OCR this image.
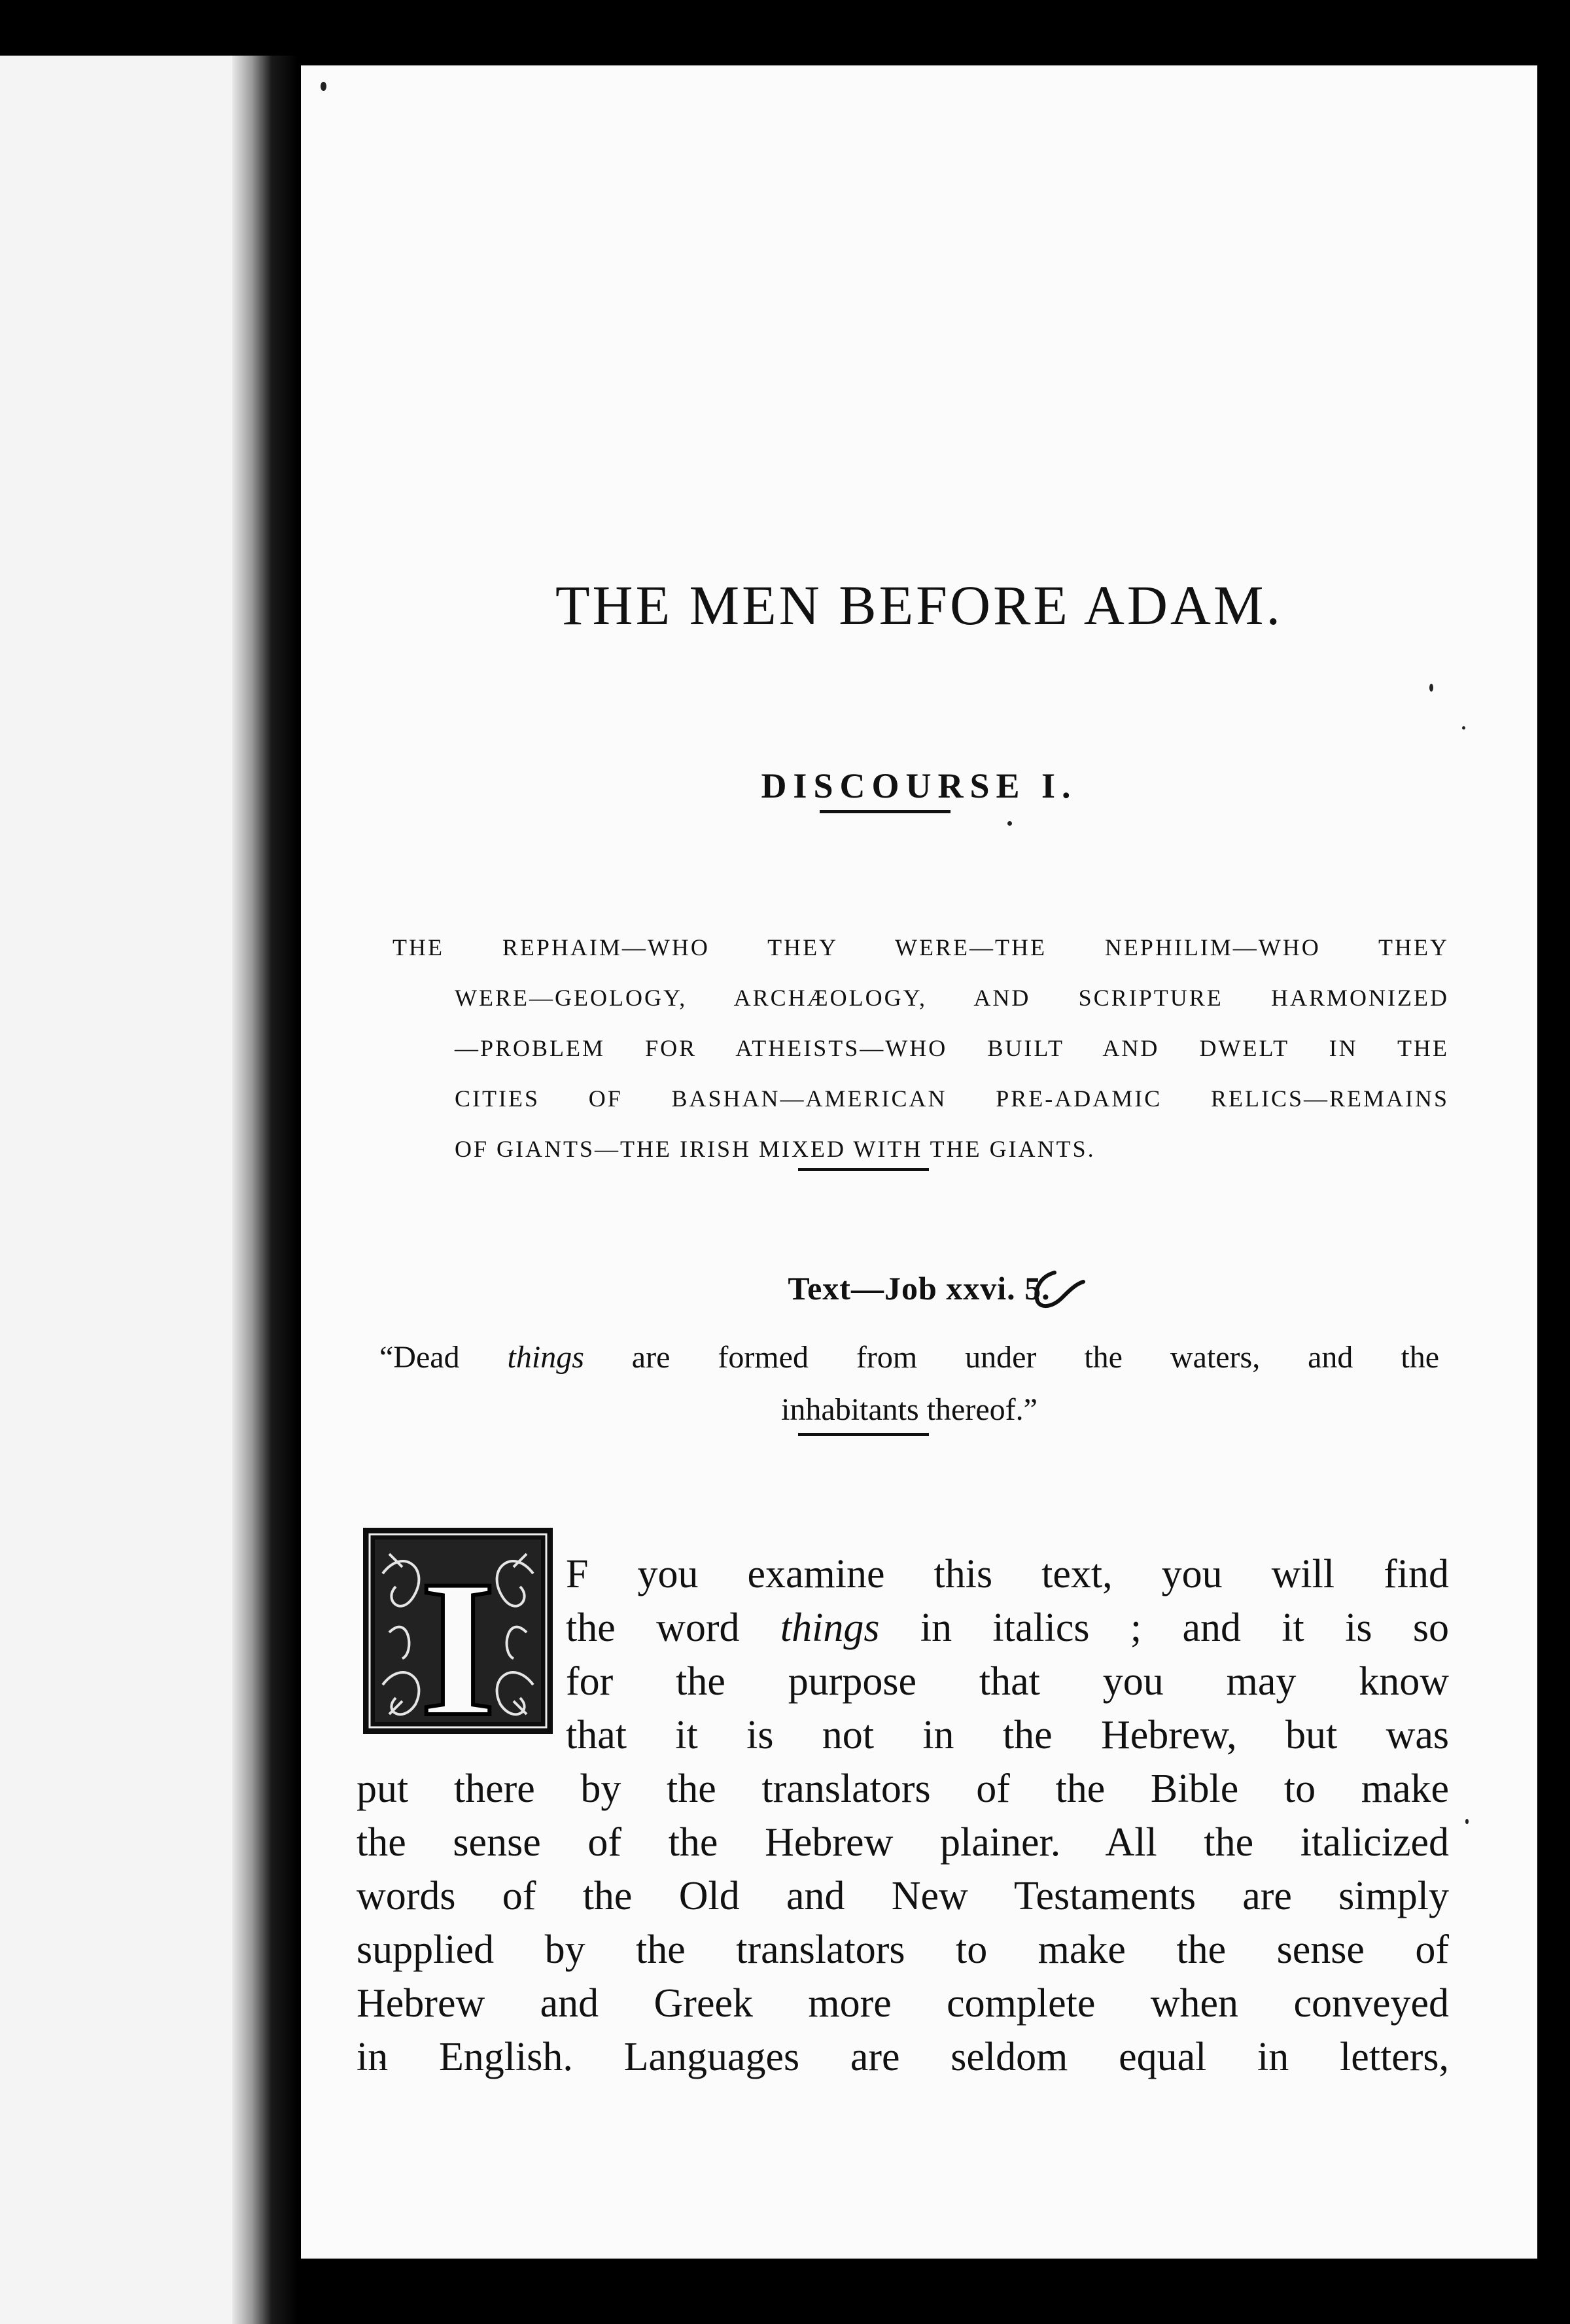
THE MEN BEFORE ADAM.
DISCOURSE I.
THE REPHAIM—WHO THEY WERE—THE NEPHILIM—WHO THEY
WERE—GEOLOGY, ARCHÆOLOGY, AND SCRIPTURE HARMONIZED
—PROBLEM FOR ATHEISTS—WHO BUILT AND DWELT IN THE
CITIES OF BASHAN—AMERICAN PRE-ADAMIC RELICS—REMAINS
OF GIANTS—THE IRISH MIXED WITH THE GIANTS.
Text—Job xxvi. 5.
“Dead things are formed from under the waters, and the
inhabitants thereof.”
I	F you examine this text, you will find
the word things in italics ; and it is so
for the purpose that you may know
that it is not in the Hebrew, but was
put there by the translators of the Bible to make
the sense of the Hebrew plainer. All the italicized
words of the Old and New Testaments are simply
supplied by the translators to make the sense of
Hebrew and Greek more complete when conveyed
in English. Languages are seldom equal in letters,
